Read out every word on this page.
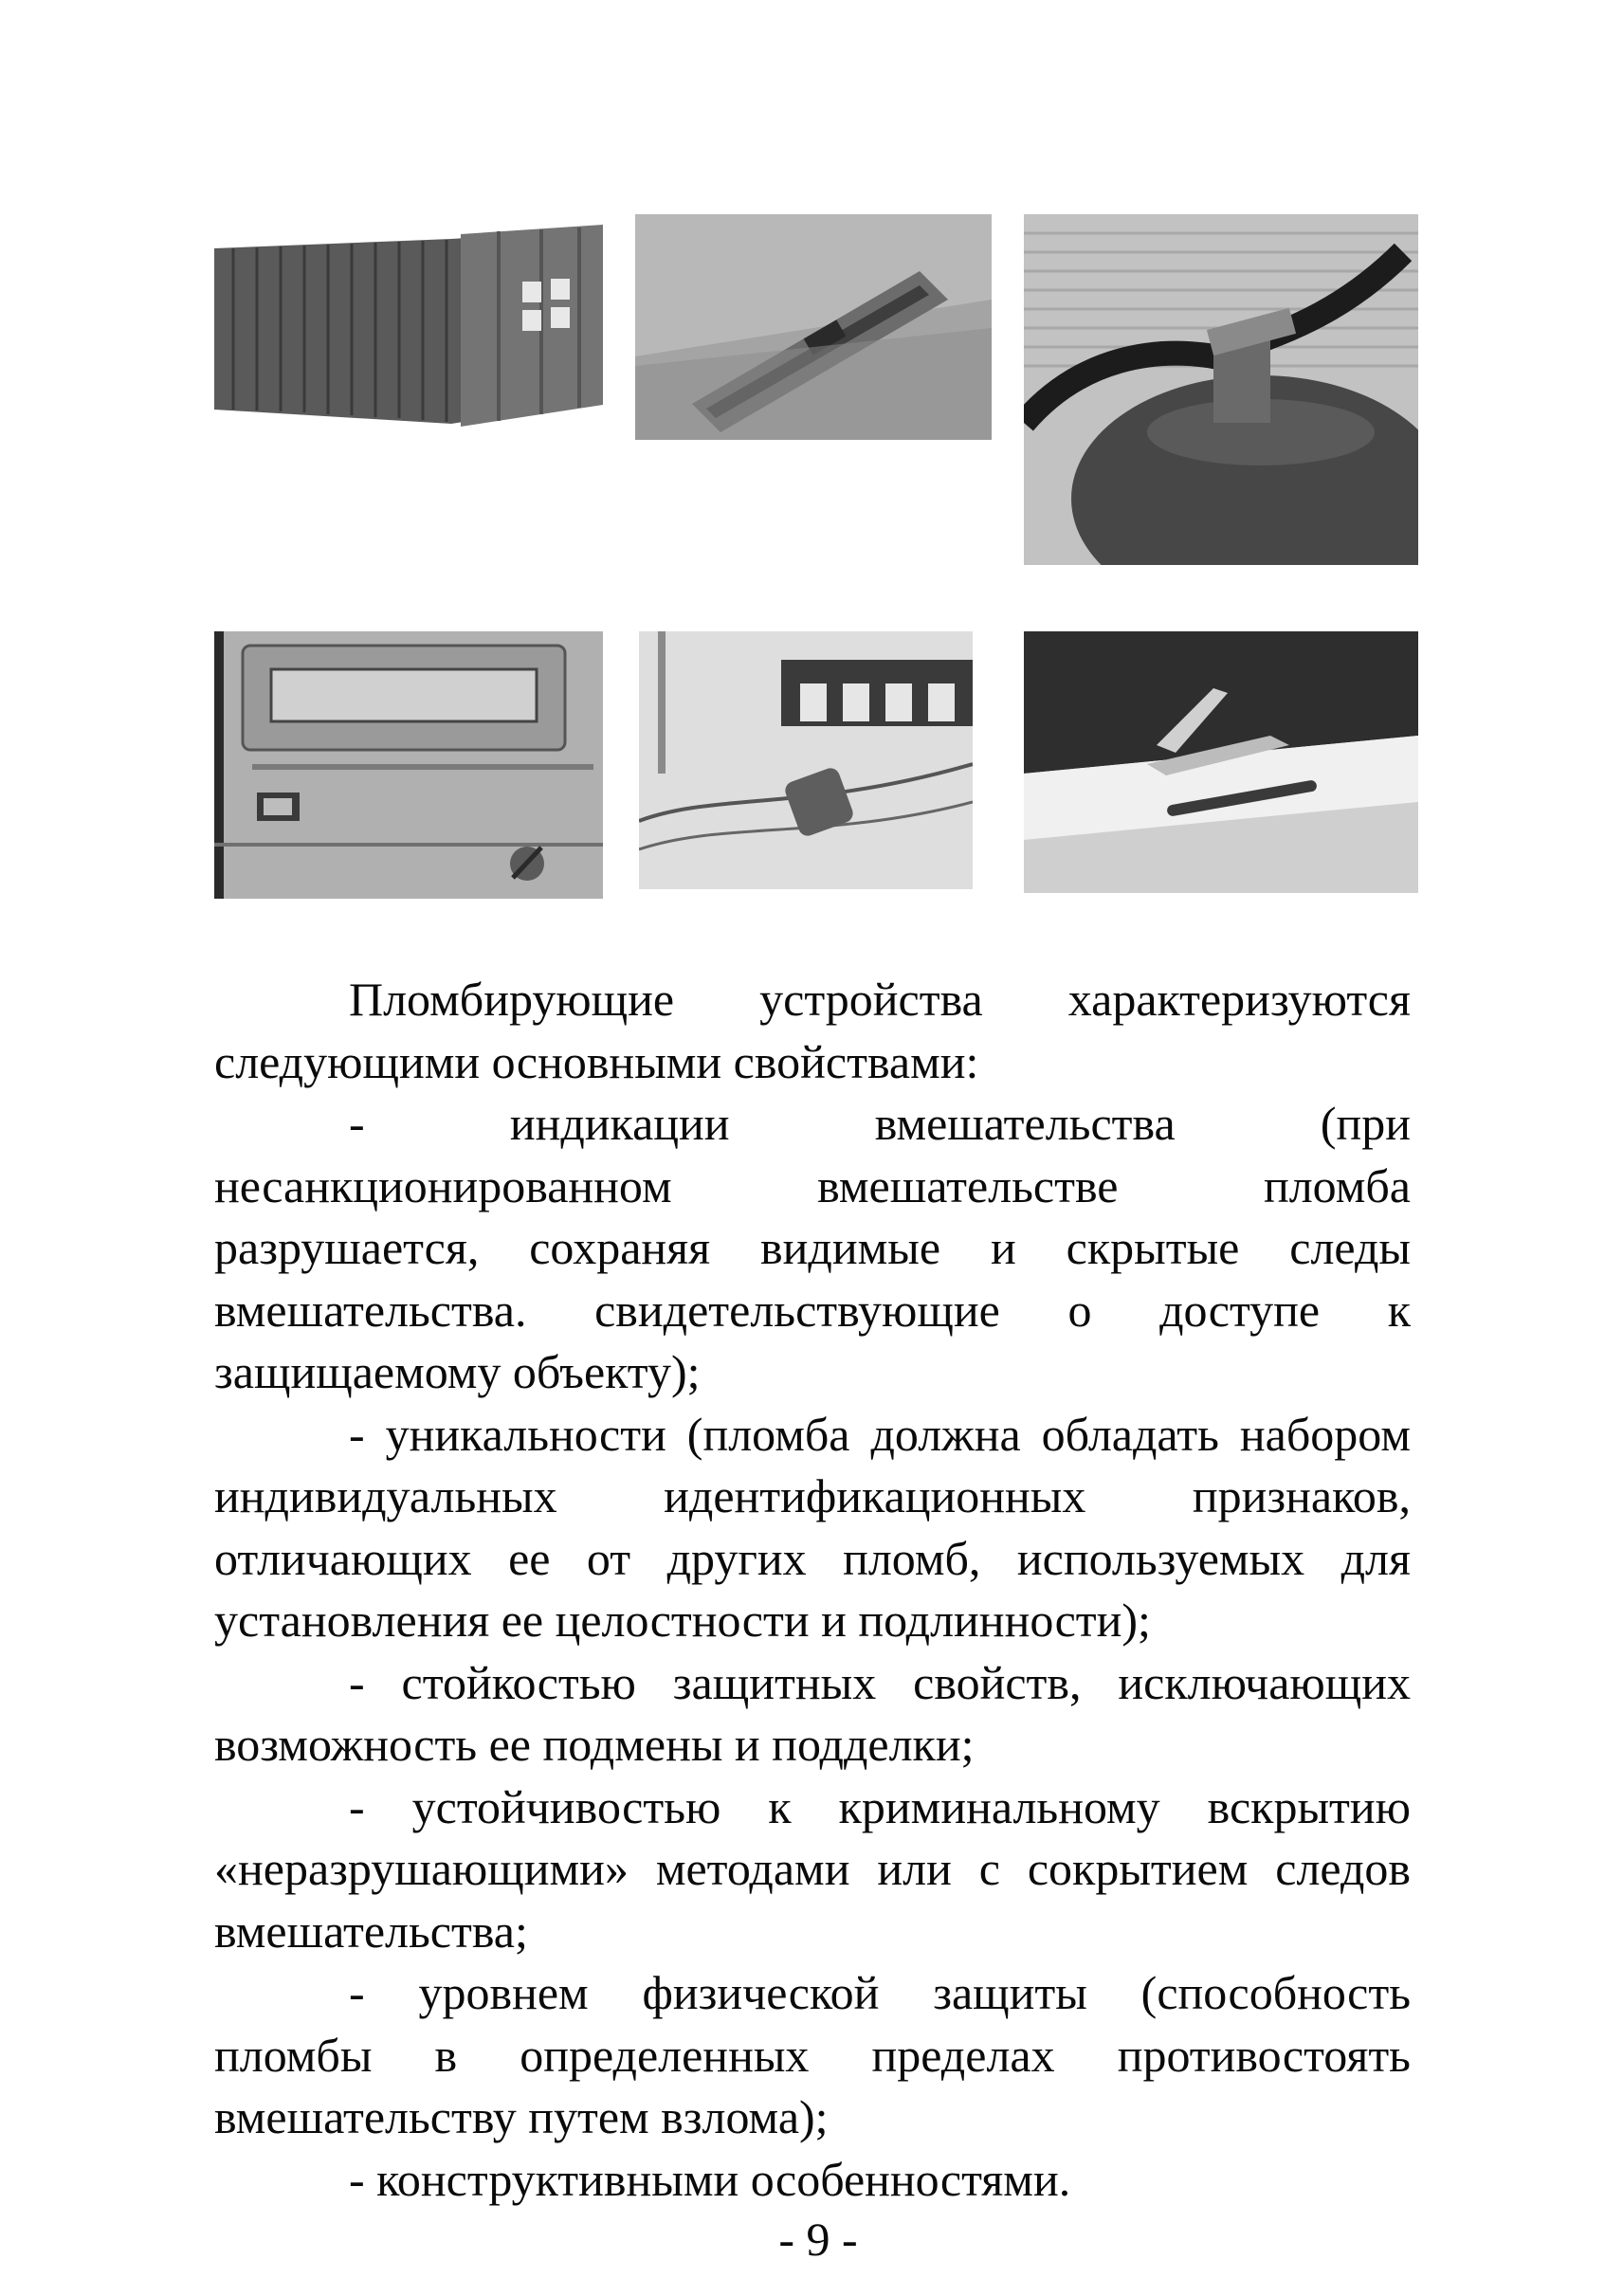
Пломбирующие устройства характеризуются следующими основными свойствами:

- индикации вмешательства (при несанкционированном вмешательстве пломба разрушается, сохраняя видимые и скрытые следы вмешательства. свидетельствующие о доступе к защищаемому объекту);

- уникальности (пломба должна обладать набором индивидуальных идентификационных признаков, отличающих ее от других пломб, используемых для установления ее целостности и подлинности);

- стойкостью защитных свойств, исключающих возможность ее подмены и подделки;

- устойчивостью к криминальному вскрытию «неразрушающими» методами или с сокрытием следов вмешательства;

- уровнем физической защиты (способность пломбы в определенных пределах противостоять вмешательству путем взлома);

- конструктивными особенностями.

- 9 -
